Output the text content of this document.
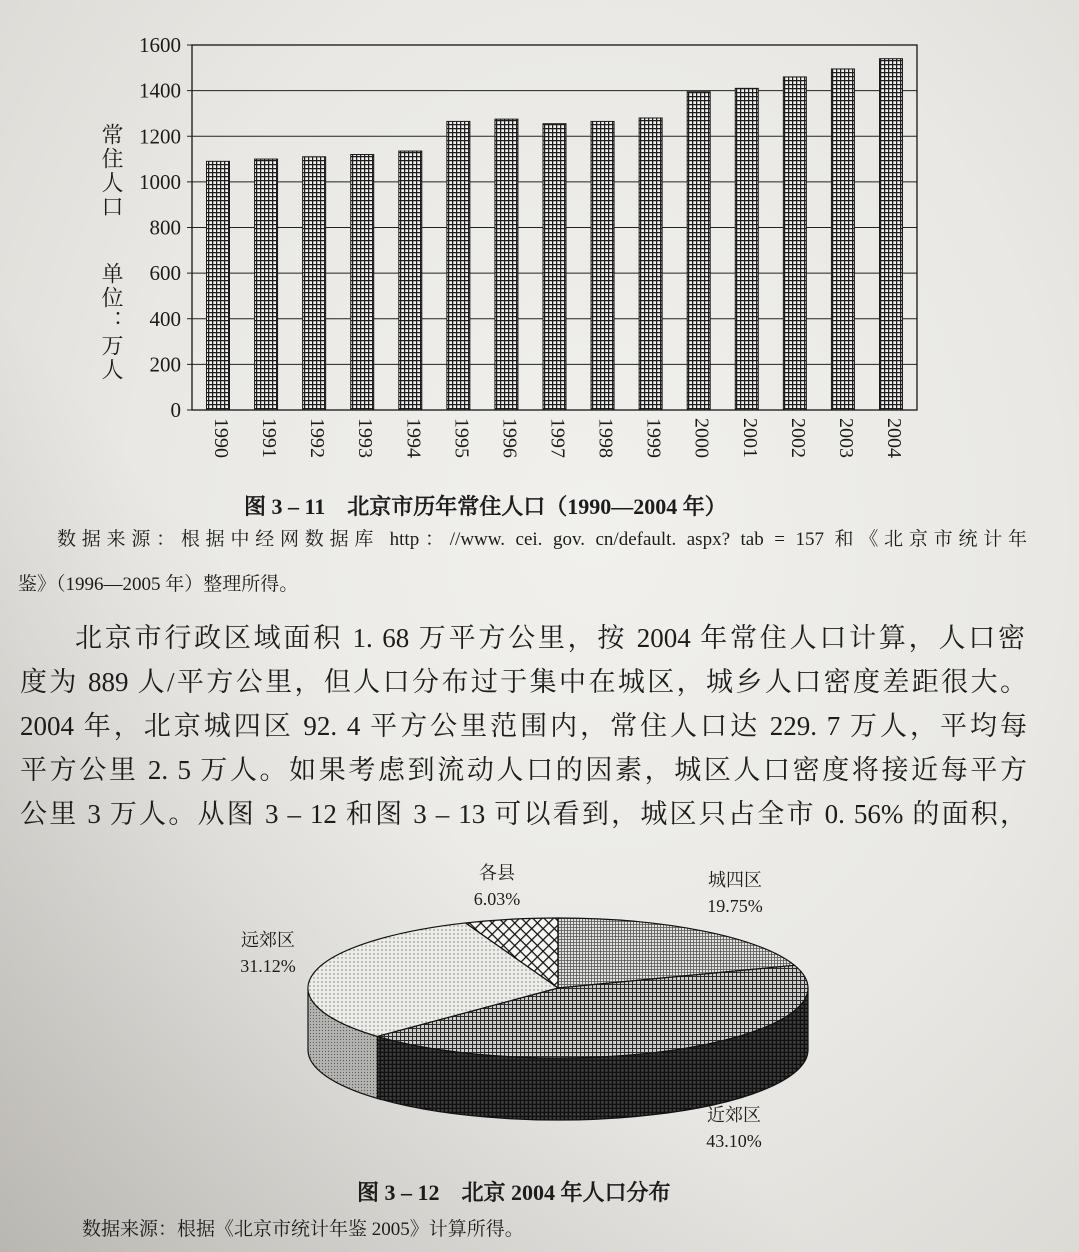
0
200
400
600
800
1000
1200
1400
1600
1990 1991 1992 1993 1994 1995 1996 1997 1998 1999 2000 2001 2002 2003 2004
常住人口
单位：万人
图 3 – 11　北京市历年常住人口（1990—2004 年）
数据来源：根据中经网数据库 http：//www. cei. gov. cn/default. aspx? tab = 157 和《北京市统计年
鉴》（1996—2005 年）整理所得。
北京市行政区域面积 1. 68 万平方公里，按 2004 年常住人口计算，人口密
度为 889 人/平方公里，但人口分布过于集中在城区，城乡人口密度差距很大。
2004 年，北京城四区 92. 4 平方公里范围内，常住人口达 229. 7 万人，平均每
平方公里 2. 5 万人。如果考虑到流动人口的因素，城区人口密度将接近每平方
公里 3 万人。从图 3 – 12 和图 3 – 13 可以看到，城区只占全市 0. 56% 的面积，
各县
6.03%
城四区
19.75%
近郊区
43.10%
远郊区
31.12%
图 3 – 12　北京 2004 年人口分布
数据来源：根据《北京市统计年鉴 2005》计算所得。
